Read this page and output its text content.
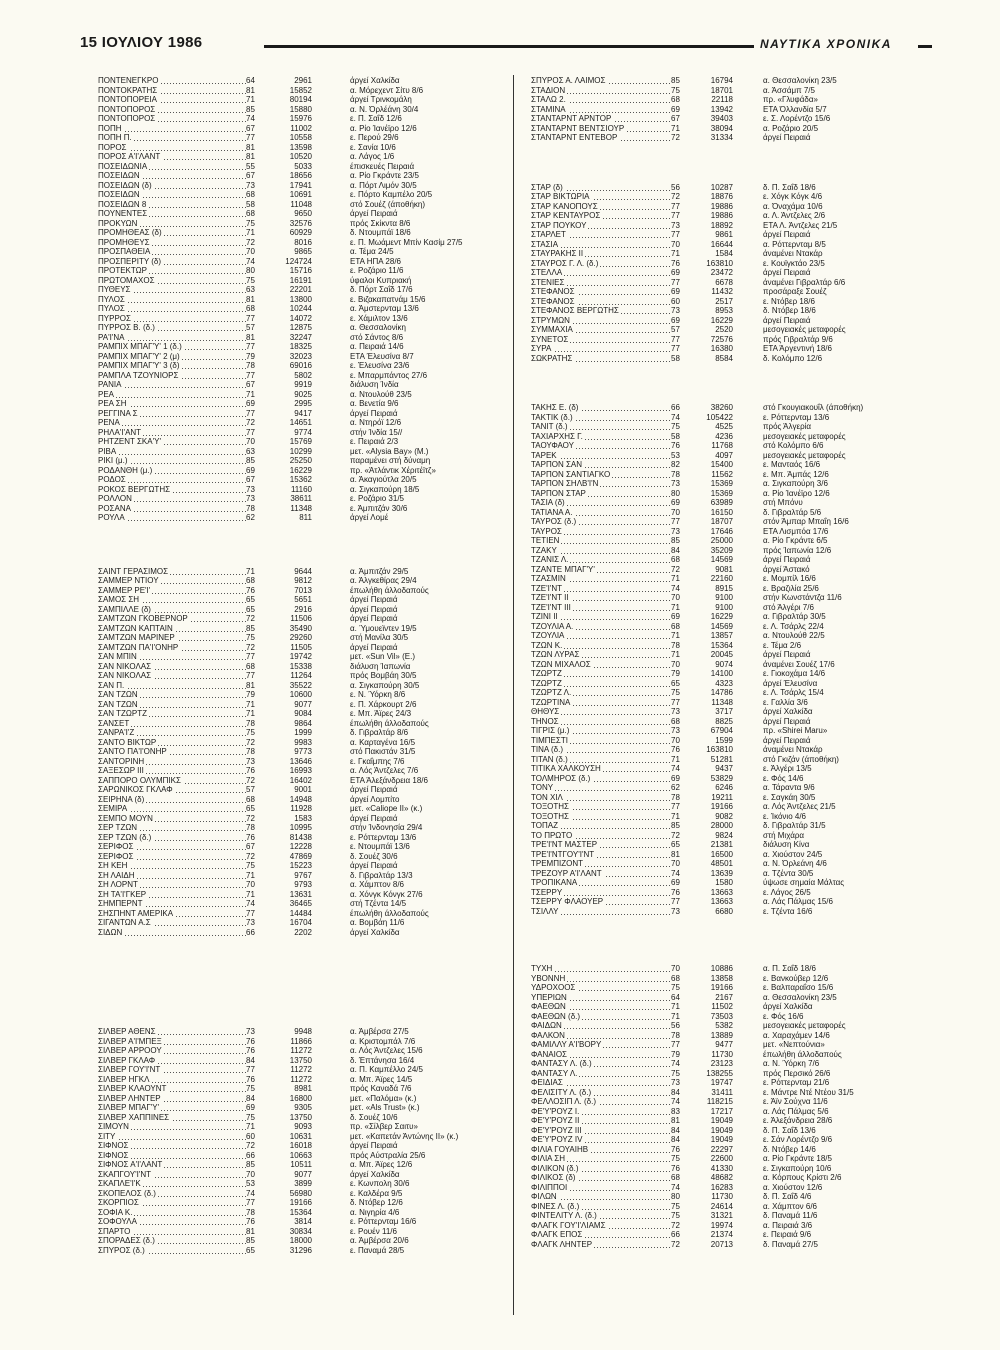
15 ΙΟΥΛΙΟΥ 1986	ΝΑΥΤΙΚΑ ΧΡΟΝΙΚΑ
ΠΟΝΤΕΝΕΓΚΡΟ	64	2961	άργεί Χαλκίδα
ΠΟΝΤΟΚΡΑΤΗΣ	81	15852	α. Μόρεχεντ Σίτυ 8/6
ΠΟΝΤΟΠΟΡΕΙΑ	71	80194	άργεί Τρινκομάλη
ΠΟΝΤΟΠΟΡΟΣ	85	15880	α. Ν. Όρλέάνη 30/4
ΠΟΝΤΟΠΟΡΟΣ	74	15976	ε. Π. Σαΐδ 12/6
ΠΟΠΗ	67	11002	α. Ρίο Ίανέϊρο 12/6
ΠΟΠΗ Π.	77	10558	ε. Περού 29/6
ΠΟΡΟΣ	81	13598	ε. Σανία 10/6
ΠΟΡΟΣ Α'Ι'ΛΑΝΤ	81	10520	α. Λάγος 1/6
ΠΟΣΕΙΔΩΝΙΑ	55	5033	έπισκευές Πειραιά
ΠΟΣΕΙΔΩΝ	67	18656	α. Ρίο Γκράντε 23/5
ΠΟΣΕΙΔΩΝ (δ)	73	17941	α. Πόρτ Λιμόν 30/5
ΠΟΣΕΙΔΩΝ	68	10691	ε. Πόρτο Καμπέλο 20/5
ΠΟΣΕΙΔΩΝ 8	58	11048	στό Σουέζ (άποθήκη)
ΠΟΥΝΕΝΤΕΣ	68	9650	άργεί Πειραιά
ΠΡΟΚΥΩΝ	75	32576	πρός Σκίκντα 8/6
ΠΡΟΜΗΘΕΑΣ (δ)	71	60929	δ. Ντουμπάϊ 18/6
ΠΡΟΜΗΘΕΥΣ	72	8016	ε. Π. Μωάμεντ Μπίν Κασίμ 27/5
ΠΡΟΣΠΑΘΕΙΑ	70	9865	α. Τέμα 24/5
ΠΡΟΣΠΕΡΙΤΥ (δ)	74	124724	ΕΤΑ ΗΠΑ 28/6
ΠΡΟΤΕΚΤΩΡ	80	15716	ε. Ροζάριο 11/6
ΠΡΩΤΟΜΑΧΟΣ	75	16191	ύφαλοι Κυπριακή
ΠΥΘΕΥΣ	63	22201	δ. Πόρτ Σαΐδ 17/6
ΠΥΛΟΣ	81	13800	ε. Βιζακαπατνάμ 15/6
ΠΥΛΟΣ	68	10244	α. Άμστερνταμ 13/6
ΠΥΡΡΟΣ	77	14072	ε. Χάμιλτον 13/6
ΠΥΡΡΟΣ Β. (δ.)	57	12875	α. Θεσσαλονίκη
ΡΑ'Ι'ΝΑ	81	32247	στό Σάντος 8/6
ΡΑΜΠΙΧ ΜΠΑΓ'Υ' 1 (δ.)	77	18325	α. Πειραιά 14/6
ΡΑΜΠΙΧ ΜΠΑΓ'Υ' 2 (μ)	79	32023	ΕΤΑ Έλευσίνα 8/7
ΡΑΜΠΙΧ ΜΠΑΓ'Υ' 3 (δ)	78	69016	ε. Έλευσίνα 23/6
ΡΑΜΠΛΑ ΤΖΟΥΝΙΟΡΣ	77	5802	ε. Μπαρμπάντος 27/6
ΡΑΝΙΑ	67	9919	διάλυση Ίνδία
ΡΕΑ	71	9025	α. Ντουλούθ 23/5
ΡΕΑ ΣΗ	69	2995	α. Βενετία 9/6
ΡΕΓΓΙΝΑ Σ	77	9417	άργεί Πειραιά
ΡΕΝΑ	72	14651	α. Ντηρόϊ 12/6
ΡΗΛΑ'Ι'ΑΝΤ	77	9774	στήν Ίνδία 15//
ΡΗΤΖΕΝΤ ΣΚΑ'Υ'	70	15769	ε. Πειραιά 2/3
ΡΙΒΑ	63	10299	μετ. «Alysia Bay» (Μ.)
ΡΙΚΙ (μ.)	85	25250	παραμένει στή δύναμη
ΡΟΔΑΝΘΗ (μ.)	69	16229	πρ. «Άτλάντικ Χέριτέϊτζ»
ΡΟΔΟΣ	67	15362	α. Άκαγιούτλα 20/5
ΡΟΚΟΣ ΒΕΡΓΩΤΗΣ	73	11160	α. Σιγκαπούρη 18/5
ΡΟΛΛΟΝ	73	38611	ε. Ροζάριο 31/5
ΡΟΣΑΝΑ	78	11348	ε. Άμπιτζάν 30/6
ΡΟΥΛΑ	62	811	άργεί Λομέ
ΣΑΙΝΤ ΓΕΡΑΣΙΜΟΣ	71	9644	α. Άμπιτζάν 29/5
ΣΑΜΜΕΡ ΝΤΙΟΥ	68	9812	α. Άλγκεθίρας 29/4
ΣΑΜΜΕΡ ΡΕ'Ι'	76	7013	έπωλήθη άλλοδαπούς
ΣΑΜΟΣ ΣΗ	65	5651	άργεί Πειραιά
ΣΑΜΠΙΛΛΕ (δ)	65	2916	άργεί Πειραιά
ΣΑΜΤΖΩΝ ΓΚΟΒΕΡΝΟΡ	72	11506	άργεί Πειραιά
ΣΑΜΤΖΩΝ ΚΑΠΤΑΙΝ	85	35490	α. Ύμουεϊντεν 19/5
ΣΑΜΤΖΩΝ ΜΑΡΙΝΕΡ	75	29260	στή Μανίλα 30/5
ΣΑΜΤΖΩΝ ΠΑ'Ι'ΟΝΗΡ	72	11505	άργεί Πειραιά
ΣΑΝ ΜΠΙΝ	77	19742	μετ. «Sun Vil» (Ε.)
ΣΑΝ ΝΙΚΟΛΑΣ	68	15338	διάλυση Ίαπωνία
ΣΑΝ ΝΙΚΟΛΑΣ	77	11264	πρός Βομβάη 30/5
ΣΑΝ Π.	81	35522	α. Σιγκαπούρη 30/5
ΣΑΝ ΤΖΩΝ	79	10600	ε. Ν. Ύόρκη 8/6
ΣΑΝ ΤΖΩΝ	71	9077	ε. Π. Χάρκουρτ 2/6
ΣΑΝ ΤΖΩΡΤΖ	71	9084	ε. Μπ. Άϊρες 24/3
ΣΑΝΣΕΤ	78	9864	έπωλήθη άλλοδαπούς
ΣΑΝΡΑ'Ι'Ζ	75	1999	δ. Γιβραλτάρ 8/6
ΣΑΝΤΟ ΒΙΚΤΩΡ	72	9983	α. Καρταγένα 16/5
ΣΑΝΤΟ ΠΑ'Ι'ΟΝΗΡ	78	9773	στό Πακιστάν 31/5
ΣΑΝΤΟΡΙΝΗ	73	13646	ε. Γκαΐμπης 7/6
ΣΑΞΕΣΩΡ ΙΙΙ	76	16993	α. Λός Άντζελες 7/6
ΣΑΠΠΟΡΟ ΟΛΥΜΠΙΚΣ	72	16402	ΕΤΑ Άλεξάνδρεια 18/6
ΣΑΡΩΝΙΚΟΣ ΓΚΛΑΦ	57	9001	άργεί Πειραιά
ΣΕΙΡΗΝΑ (δ)	68	14948	άργεί Λομπίτο
ΣΕΜΙΡΑ	65	11928	μετ. «Caliope II» (κ.)
ΣΕΜΠΟ ΜΟΥΝ	72	1583	άργεί Πειραιά
ΣΕΡ ΤΖΩΝ	78	10995	στήν Ίνδονησία 29/4
ΣΕΡ ΤΖΩΝ (δ.)	76	81438	ε. Ρόττερνταμ 13/6
ΣΕΡΙΦΟΣ	67	12228	ε. Ντουμπάϊ 13/6
ΣΕΡΙΦΟΣ	72	47869	δ. Σουέζ 30/6
ΣΗ ΚΕΗ	75	15223	άργεί Πειραιά
ΣΗ ΛΑΙΔΗ	71	9767	δ. Γιβραλτάρ 13/3
ΣΗ ΛΟΡΝΤ	70	9793	α. Χάμπτον 8/6
ΣΗ ΤΑ'Ι'ΓΚΕΡ	71	13631	α. Χόνγκ Κόνγκ 27/6
ΣΗΜΠΕΡΝΤ	74	36465	στή Τζέντα 14/5
ΣΗΣΠΗΝΤ ΑΜΕΡΙΚΑ	77	14484	έπωλήθη άλλοδαπούς
ΣΙΓΑΝΤΩΝ Α.Σ	73	16704	α. Βομβάη 11/6
ΣΙΔΩΝ	66	2202	άργεί Χαλκίδα
ΣΙΛΒΕΡ ΑΘΕΝΣ	73	9948	α. Άμβέρσα 27/5
ΣΙΛΒΕΡ Α'Ι'ΜΠΕΞ	76	11866	α. Κριστομπάλ 7/6
ΣΙΛΒΕΡ ΑΡΡΟΟΥ	76	11272	α. Λός Άντζελες 15/6
ΣΙΛΒΕΡ ΓΚΛΑΦ	84	13750	δ. Έπτάνησα 16/4
ΣΙΛΒΕΡ ΓΟΥ'Ι'ΝΤ	77	11272	α. Π. Καμπέλλο 24/5
ΣΙΛΒΕΡ ΗΓΚΛ	76	11272	α. Μπ. Άϊρες 14/5
ΣΙΛΒΕΡ ΚΛΑΟΥΝΤ	75	8981	πρός Καναδά 7/6
ΣΙΛΒΕΡ ΛΗΝΤΕΡ	84	16800	μετ. «Παλόμα» (κ.)
ΣΙΛΒΕΡ ΜΠΑΓ'Υ'	69	9305	μετ. «Als Trust» (κ.)
ΣΙΛΒΕΡ ΧΑΠΠΙΝΕΣ	75	13750	δ. Σουέζ 10/6
ΣΙΜΟΥΝ	71	9093	πρ. «Σίλβερ Σαιτυ»
ΣΙΤΥ	60	10631	μετ. «Καπετάν Άντώνης ΙΙ» (κ.)
ΣΙΦΝΟΣ	72	16018	άργεί Πειραιά
ΣΙΦΝΟΣ	66	10663	πρός Αύστραλία 25/6
ΣΙΦΝΟΣ Α'Ι'ΛΑΝΤ	85	10511	α. Μπ. Άϊρες 12/6
ΣΚΑΠΓΟΥ'Ι'ΝΤ	70	9077	άργεί Χαλκίδα
ΣΚΑΠΛΕ'Ι'Κ	53	3899	ε. Κωνπολη 30/6
ΣΚΟΠΕΛΟΣ (δ.)	74	56980	ε. Καλδέρα 9/5
ΣΚΟΡΠΙΟΣ	77	19166	δ. Ντόβερ 12/6
ΣΟΦΙΑ Κ.	78	15364	α. Νιγηρία 4/6
ΣΟΦΟΥΛΑ	76	3814	ε. Ρόττερνταμ 16/6
ΣΠΑΡΤΟ	81	30834	ε. Ρουέν 11/6
ΣΠΟΡΑΔΕΣ (δ.)	85	18000	α. Άμβέρσα 20/6
ΣΠΥΡΟΣ (δ.)	65	31296	ε. Παναμά 28/5
ΣΠΥΡΟΣ Α. ΛΑΙΜΟΣ	85	16794	α. Θεσσαλονίκη 23/5
ΣΤΑΔΙΟΝ	75	18701	α. Άσσάμπ 7/5
ΣΤΑΛΩ 2.	68	22118	πρ. «Γλυφάδα»
ΣΤΑΜΙΝΑ	69	13942	ΕΤΑ Όλλανδία 5/7
ΣΤΑΝΤΑΡΝΤ ΑΡΝΤΟΡ	67	39403	ε. Σ. Λορέντζο 15/6
ΣΤΑΝΤΑΡΝΤ ΒΕΝΤΣΙΟΥΡ	71	38094	α. Ροζάριο 20/5
ΣΤΑΝΤΑΡΝΤ ΕΝΤΕΒΟΡ	72	31334	άργεί Πειραιά
ΣΤΑΡ (δ)	56	10287	δ. Π. Σαΐδ 18/6
ΣΤΑΡ ΒΙΚΤΩΡΙΑ	72	18876	ε. Χόγκ Κόγκ 4/6
ΣΤΑΡ ΚΑΝΟΠΟΥΣ	77	19886	α. Όναχάμα 10/6
ΣΤΑΡ ΚΕΝΤΑΥΡΟΣ	77	19886	α. Λ. Άντζελες 2/6
ΣΤΑΡ ΠΟΥΚΟΥ	73	18892	ΕΤΑ Λ. Άντζελες 21/5
ΣΤΑΡΛΕΤ	77	9861	άργεί Πειραιά
ΣΤΑΣΙΑ	70	16644	α. Ρόττερνταμ 8/5
ΣΤΑΥΡΑΚΗΣ ΙΙ	71	1584	άναμένει Ντακάρ
ΣΤΑΥΡΟΣ Γ. Λ. (δ.)	76	163810	ε. Κουϊγκτάο 23/5
ΣΤΕΛΛΑ	69	23472	άργεί Πειραιά
ΣΤΕΝΙΕΣ	77	6678	άναμένει Γιβραλτάρ 6/6
ΣΤΕΦΑΝΟΣ	69	11432	προσάραξε Σουέζ
ΣΤΕΦΑΝΟΣ	60	2517	ε. Ντόβερ 18/6
ΣΤΕΦΑΝΟΣ ΒΕΡΓΩΤΗΣ	73	8953	δ. Ντόβερ 18/6
ΣΤΡΥΜΩΝ	69	16229	άργεί Πειραιά
ΣΥΜΜΑΧΙΑ	57	2520	μεσογειακές μεταφορές
ΣΥΝΕΤΟΣ	77	72576	πρός Γιβραλτάρ 9/6
ΣΥΡΑ	77	16380	ΕΤΑ Άργεντινή 18/6
ΣΩΚΡΑΤΗΣ	58	8584	δ. Κολόμπο 12/6
ΤΑΚΗΣ Ε. (δ)	66	38260	στό Γκουγιακουΐλ (άποθήκη)
ΤΑΚΤΙΚ (δ.)	74	105422	ε. Ρόττερνταμ 13/6
ΤΑΝΙΤ (δ.)	75	4525	πρός Άλγερία
ΤΑΧΙΑΡΧΗΣ Γ.	58	4236	μεσογειακές μεταφορές
ΤΑΟΥΦΑΟΥ	76	11768	στό Κολόμπο 6/6
ΤΑΡΕΚ	53	4097	μεσογειακές μεταφορές
ΤΑΡΠΟΝ ΣΑΝ	82	15400	ε. Μανταός 16/6
ΤΑΡΠΟΝ ΣΑΝΤΙΑΓΚΟ	78	11562	ε. Μπ. Άμπάς 12/6
ΤΑΡΠΟΝ ΣΗΛΒ'Ι'Ν	73	15369	α. Σιγκαπούρη 3/6
ΤΑΡΠΟΝ ΣΤΑΡ	80	15369	α. Ρίο Ίανέϊρο 12/6
ΤΑΣΙΑ (δ)	69	63989	στή Μπόνυ
ΤΑΤΙΑΝΑ Α.	70	16150	δ. Γιβραλτάρ 5/6
ΤΑΥΡΟΣ (δ.)	77	18707	στόν Άμπαρ Μπαΐη 16/6
ΤΑΥΡΟΣ	73	17646	ΕΤΑ Λισμπόα 17/6
ΤΕΤΙΕΝ	85	25000	α. Ρίο Γκράντε 6/5
ΤΖΑΚΥ	84	35209	πρός Ίαπωνία 12/6
ΤΖΑΝΙΣ Λ.	68	14569	άργεί Πειραιά
ΤΖΑΝΤΕ ΜΠΑΓ'Υ'	72	9081	άργεί Άστακό
ΤΖΑΣΜΙΝ	71	22160	ε. Μομπίλ 16/6
ΤΖΕ'Ι'ΝΤ	74	8915	ε. Βραζιλία 25/6
ΤΖΕ'Ι'ΝΤ ΙΙ	70	9100	στήν Κωνστάντζα 11/6
ΤΖΕ'Ι'ΝΤ ΙΙΙ	71	9100	στό Άλγέρι 7/6
ΤΖΙΝΙ ΙΙ	69	16229	α. Γιβραλτάρ 30/5
ΤΖΟΥΛΙΑ Α.	68	14569	ε. Λ. Τσάρλς 22/4
ΤΖΟΥΛΙΑ	71	13857	α. Ντουλούθ 22/5
ΤΖΩΝ Κ.	78	15364	ε. Τέμα 2/6
ΤΖΩΝ ΛΥΡΑΣ	71	20045	άργεί Πειραιά
ΤΖΩΝ ΜΙΧΑΛΟΣ	70	9074	άναμένει Σουέζ 17/6
ΤΖΩΡΤΖ	79	14100	ε. Γιοκοχάμα 14/6
ΤΖΩΡΤΖ	65	4323	άργεί Έλευσίνα
ΤΖΩΡΤΖ Λ.	75	14786	ε. Λ. Τσάρλς 15/4
ΤΖΩΡΤΙΝΑ	77	11348	ε. Γαλλία 3/6
ΘΗΘΥΣ	73	3717	άργεί Χαλκίδα
ΤΗΝΟΣ	68	8825	άργεί Πειραιά
ΤΙΓΡΙΣ (μ.)	73	67904	πρ. «Shirei Maru»
ΤΙΜΠΕΣΤΙ	70	1599	άργεί Πειραιά
ΤΙΝΑ (δ.)	76	163810	άναμένει Ντακάρ
ΤΙΤΑΝ (δ.)	71	51281	στό Γκιζάν (άποθήκη)
ΤΙΤΙΚΑ ΧΑΛΚΟΥΣΗ	74	9437	ε. Άλγέρι 13/5
ΤΟΛΜΗΡΟΣ (δ.)	69	53829	ε. Φός 14/6
ΤΟΝΥ	62	6246	α. Τάραντα 9/6
ΤΟΝ ΧΙΛ	78	19211	ε. Σαγκάη 30/5
ΤΟΞΟΤΗΣ	77	19166	α. Λός Άντζελες 21/5
ΤΟΞΟΤΗΣ	71	9082	ε. Ίκόνιο 4/6
ΤΟΠΑΖ	85	28000	δ. Γιβραλτάρ 31/5
ΤΟ ΠΡΩΤΟ	72	9824	στή Μιχάρα
ΤΡΕ'Ι'ΝΤ ΜΑΣΤΕΡ	65	21381	διάλυση Κίνα
ΤΡΕ'Ι'ΝΤΓΟΥ'Ι'ΝΤ	81	16500	α. Χιούστον 24/5
ΤΡΕΜΠΙΖΟΝΤ	70	48501	α. Ν. Όρλεάνη 4/6
ΤΡΕΖΟΥΡ Α'Ι'ΛΑΝΤ	74	13639	α. Τζέντα 30/5
ΤΡΟΠΙΚΑΝΑ	69	1580	ύψωσε σημαία Μάλτας
ΤΣΕΡΡΥ	76	13663	ε. Λάγος 26/5
ΤΣΕΡΡΥ ΦΛΑΟΥΕΡ	77	13663	α. Λάς Πάλμας 15/6
ΤΣΙΛΛΥ	73	6680	ε. Τζέντα 16/6
ΤΥΧΗ	70	10886	α. Π. Σαΐδ 18/6
ΥΒΟΝΝΗ	68	13858	ε. Βανκούβερ 12/6
ΥΔΡΟΧΟΟΣ	75	19166	ε. Βαλπαραΐσο 15/6
ΥΠΕΡΙΩΝ	64	2167	α. Θεσσαλονίκη 23/5
ΦΑΕΘΩΝ	71	11502	άργεί Χαλκίδα
ΦΑΕΘΩΝ (δ.)	71	73503	ε. Φός 16/6
ΦΑΙΔΩΝ	56	5382	μεσογειακές μεταφορές
ΦΑΛΚΟΝ	78	13889	α. Χαραχάμεν 14/6
ΦΑΜΙΛΛΥ Α'Ι'ΒΟΡΥ	77	9477	μετ. «Νεπτούνια»
ΦΑΝΑΙΟΣ	79	11730	έπωλήθη άλλοδαπούς
ΦΑΝΤΑΣΥ Λ. (δ.)	74	23123	α. Ν. Ύόρκη 7/6
ΦΑΝΤΑΣΥ Λ.	75	138255	πρός Περσικό 26/6
ΦΕΙΔΙΑΣ	73	19747	ε. Ρόττερνταμ 21/6
ΦΕΛΙΣΙΤΥ Λ. (δ.)	84	31411	ε. Μάντρε Ντέ Ντέου 31/5
ΦΕΛΛΟΣΙΠ Λ. (δ.)	74	118215	ε. Άϊν Σούχνα 11/6
ΦΕ'Υ'ΡΟΥΖ Ι.	83	17217	α. Λάς Πάλμας 5/6
ΦΕ'Υ'ΡΟΥΖ ΙΙ	81	19049	ε. Άλεξάνδρεια 28/6
ΦΕ'Υ'ΡΟΥΖ ΙΙΙ	84	19049	δ. Π. Σαΐδ 13/6
ΦΕ'Υ'ΡΟΥΖ ΙV	84	19049	ε. Σάν Λορέντζο 9/6
ΦΙΛΙΑ ΓΟΥΑΙΗΒ	76	22297	δ. Ντόβερ 14/6
ΦΙΛΙΑ ΣΗ	75	22600	α. Ρίο Γκράντε 18/5
ΦΙΛΙΚΟΝ (δ.)	76	41330	ε. Σιγκαπούρη 10/6
ΦΙΛΙΚΟΣ (δ)	68	48682	α. Κόρπους Κρίστι 2/6
ΦΙΛΙΠΠΟΙ	74	16283	α. Χιούστον 12/6
ΦΙΛΩΝ	80	11730	δ. Π. Σαΐδ 4/6
ΦΙΝΕΣ Λ. (δ.)	75	24614	α. Χάμπτον 6/6
ΦΙΝΤΕΛΙΤΥ Λ. (δ.)	75	31321	δ. Παναμά 11/6
ΦΛΑΓΚ ΓΟΥ'Ι'ΛΙΑΜΣ	72	19974	α. Πειραιά 3/6
ΦΛΑΓΚ ΕΠΟΣ	66	21374	ε. Πειραιά 9/6
ΦΛΑΓΚ ΛΗΝΤΕΡ	72	20713	δ. Παναμά 27/5
